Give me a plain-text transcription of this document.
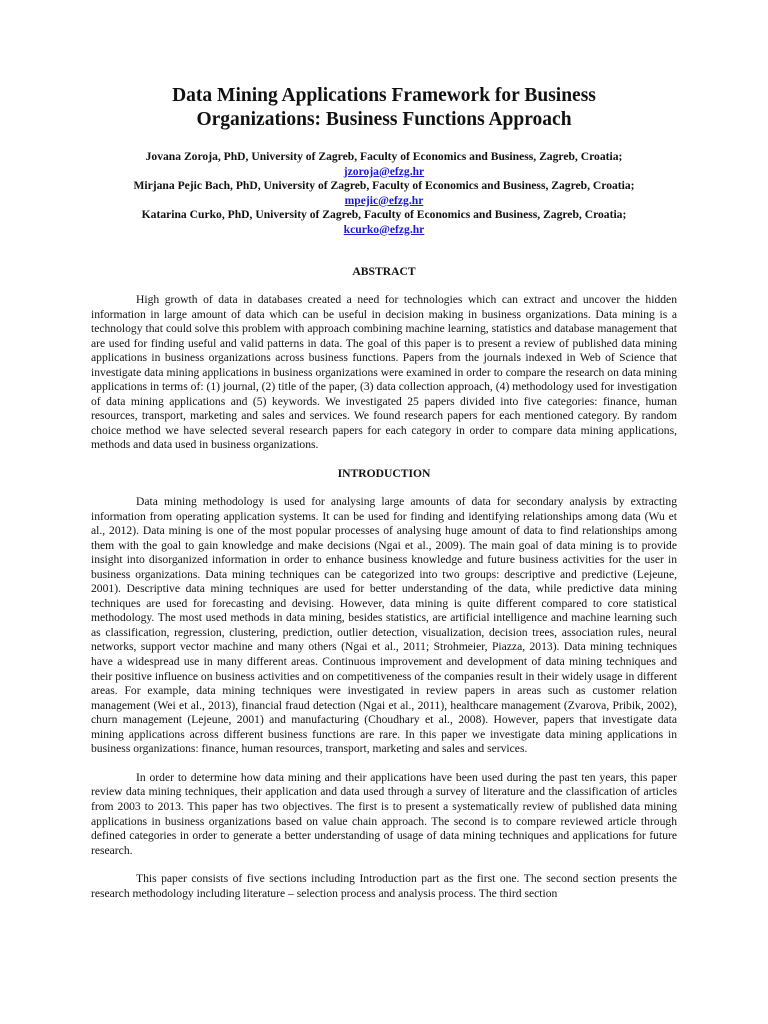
Data Mining Applications Framework for Business Organizations: Business Functions Approach
Jovana Zoroja, PhD, University of Zagreb, Faculty of Economics and Business, Zagreb, Croatia;
jzoroja@efzg.hr
Mirjana Pejic Bach, PhD, University of Zagreb, Faculty of Economics and Business, Zagreb, Croatia;
mpejic@efzg.hr
Katarina Curko, PhD, University of Zagreb, Faculty of Economics and Business, Zagreb, Croatia;
kcurko@efzg.hr
ABSTRACT

High growth of data in databases created a need for technologies which can extract and uncover the hidden information in large amount of data which can be useful in decision making in business organizations. Data mining is a technology that could solve this problem with approach combining machine learning, statistics and database management that are used for finding useful and valid patterns in data. The goal of this paper is to present a review of published data mining applications in business organizations across business functions. Papers from the journals indexed in Web of Science that investigate data mining applications in business organizations were examined in order to compare the research on data mining applications in terms of: (1) journal, (2) title of the paper, (3) data collection approach, (4) methodology used for investigation of data mining applications and (5) keywords. We investigated 25 papers divided into five categories: finance, human resources, transport, marketing and sales and services. We found research papers for each mentioned category. By random choice method we have selected several research papers for each category in order to compare data mining applications, methods and data used in business organizations.

INTRODUCTION

Data mining methodology is used for analysing large amounts of data for secondary analysis by extracting information from operating application systems. It can be used for finding and identifying relationships among data (Wu et al., 2012). Data mining is one of the most popular processes of analysing huge amount of data to find relationships among them with the goal to gain knowledge and make decisions (Ngai et al., 2009). The main goal of data mining is to provide insight into disorganized information in order to enhance business knowledge and future business activities for the user in business organizations. Data mining techniques can be categorized into two groups: descriptive and predictive (Lejeune, 2001). Descriptive data mining techniques are used for better understanding of the data, while predictive data mining techniques are used for forecasting and devising. However, data mining is quite different compared to core statistical methodology. The most used methods in data mining, besides statistics, are artificial intelligence and machine learning such as classification, regression, clustering, prediction, outlier detection, visualization, decision trees, association rules, neural networks, support vector machine and many others (Ngai et al., 2011; Strohmeier, Piazza, 2013). Data mining techniques have a widespread use in many different areas. Continuous improvement and development of data mining techniques and their positive influence on business activities and on competitiveness of the companies result in their widely usage in different areas. For example, data mining techniques were investigated in review papers in areas such as customer relation management (Wei et al., 2013), financial fraud detection (Ngai et al., 2011), healthcare management (Zvarova, Pribik, 2002), churn management (Lejeune, 2001) and manufacturing (Choudhary et al., 2008). However, papers that investigate data mining applications across different business functions are rare. In this paper we investigate data mining applications in business organizations: finance, human resources, transport, marketing and sales and services.

In order to determine how data mining and their applications have been used during the past ten years, this paper review data mining techniques, their application and data used through a survey of literature and the classification of articles from 2003 to 2013. This paper has two objectives. The first is to present a systematically review of published data mining applications in business organizations based on value chain approach. The second is to compare reviewed article through defined categories in order to generate a better understanding of usage of data mining techniques and applications for future research.

This paper consists of five sections including Introduction part as the first one. The second section presents the research methodology including literature – selection process and analysis process. The third section
